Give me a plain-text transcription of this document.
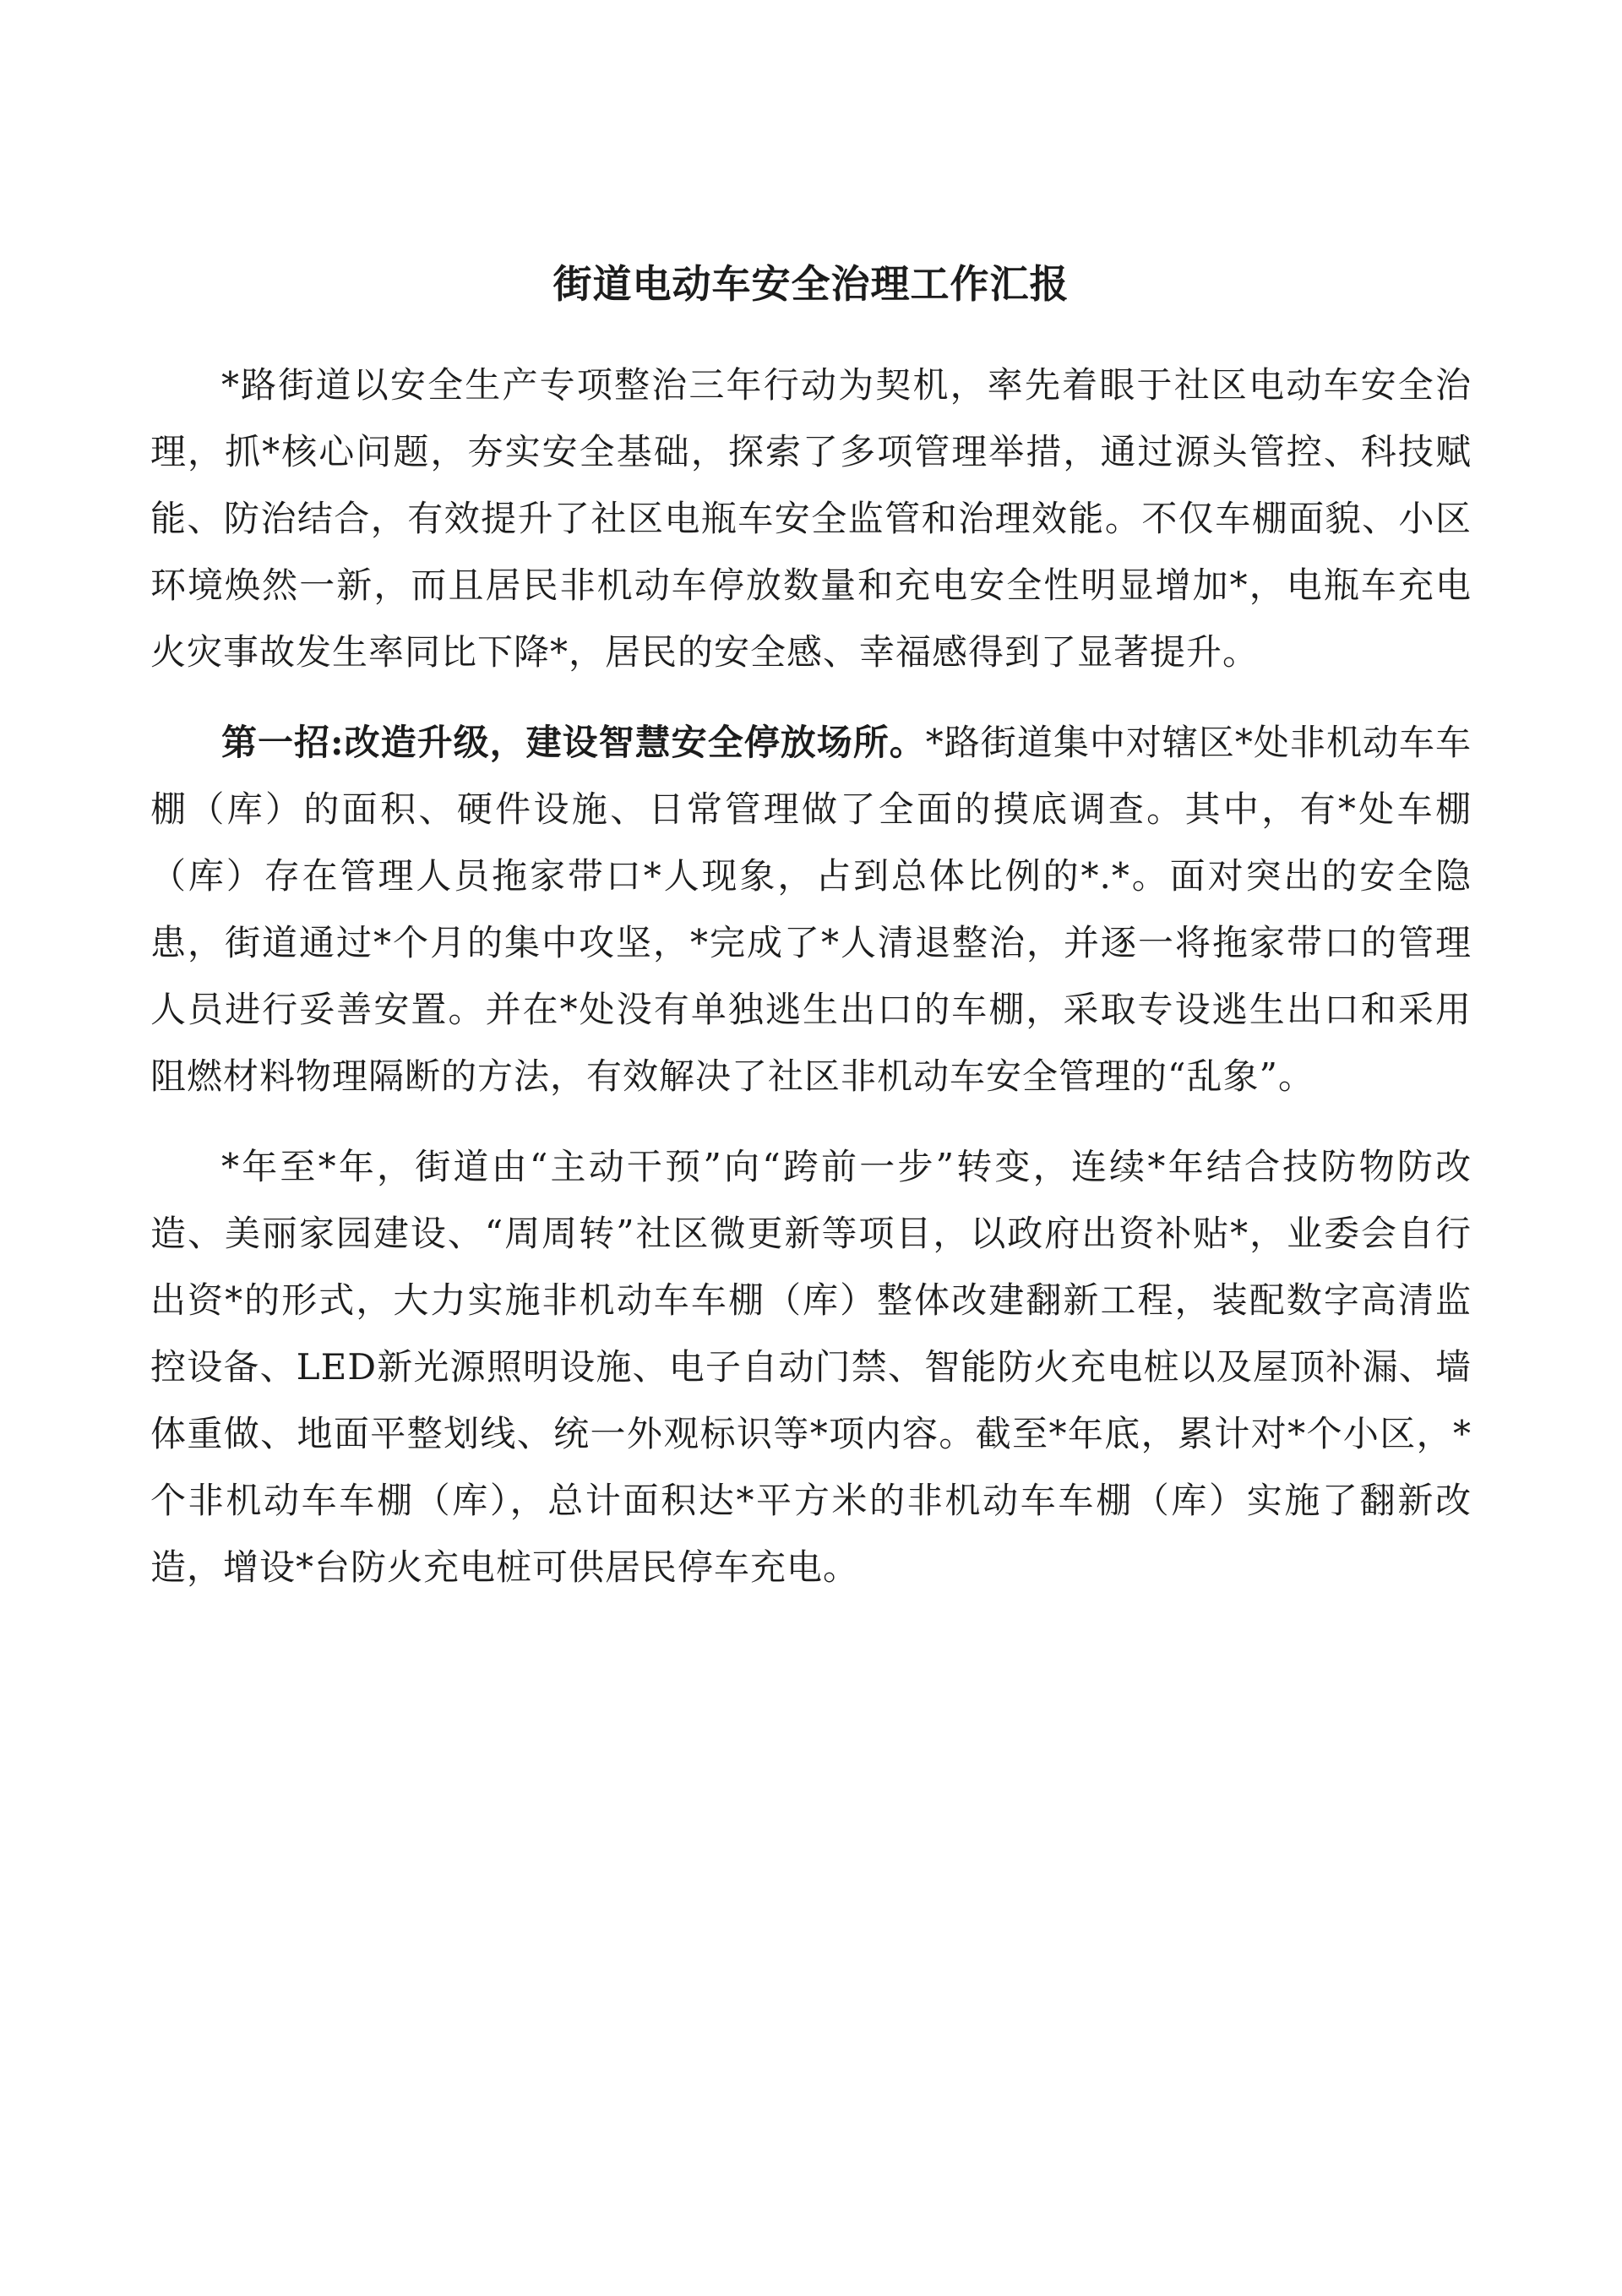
街道电动车安全治理工作汇报

*路街道以安全生产专项整治三年行动为契机，率先着眼于社区电动车安全治理，抓*核心问题，夯实安全基础，探索了多项管理举措，通过源头管控、科技赋能、防治结合，有效提升了社区电瓶车安全监管和治理效能。不仅车棚面貌、小区环境焕然一新，而且居民非机动车停放数量和充电安全性明显增加*，电瓶车充电火灾事故发生率同比下降*，居民的安全感、幸福感得到了显著提升。

第一招:改造升级，建设智慧安全停放场所。*路街道集中对辖区*处非机动车车棚（库）的面积、硬件设施、日常管理做了全面的摸底调查。其中，有*处车棚（库）存在管理人员拖家带口*人现象，占到总体比例的*.*。面对突出的安全隐患，街道通过*个月的集中攻坚，*完成了*人清退整治，并逐一将拖家带口的管理人员进行妥善安置。并在*处没有单独逃生出口的车棚，采取专设逃生出口和采用阻燃材料物理隔断的方法，有效解决了社区非机动车安全管理的“乱象”。

*年至*年，街道由“主动干预”向“跨前一步”转变，连续*年结合技防物防改造、美丽家园建设、“周周转”社区微更新等项目，以政府出资补贴*，业委会自行出资*的形式，大力实施非机动车车棚（库）整体改建翻新工程，装配数字高清监控设备、LED新光源照明设施、电子自动门禁、智能防火充电桩以及屋顶补漏、墙体重做、地面平整划线、统一外观标识等*项内容。截至*年底，累计对*个小区，*个非机动车车棚（库），总计面积达*平方米的非机动车车棚（库）实施了翻新改造，增设*台防火充电桩可供居民停车充电。
